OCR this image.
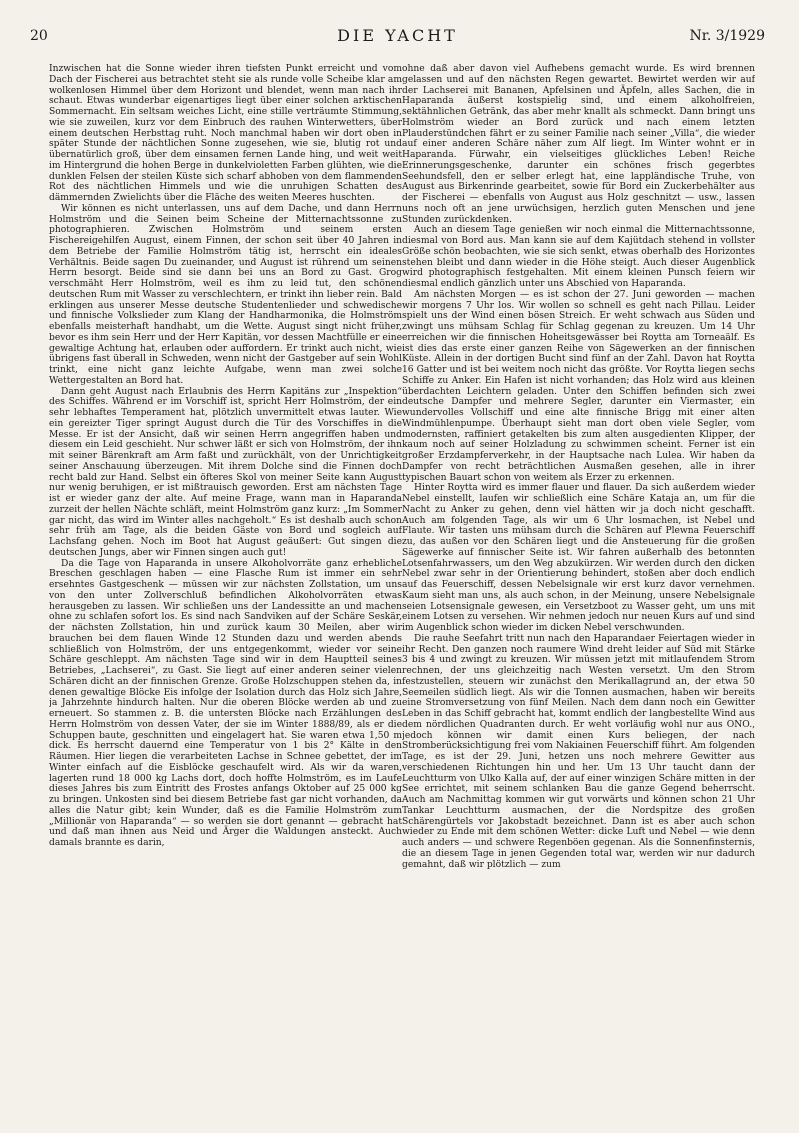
20	DIE YACHT	Nr. 3/1929

Inzwischen hat die Sonne wieder ihren tiefsten Punkt erreicht und vom Dach der Fischerei aus betrachtet steht sie als runde volle Scheibe klar am wolkenlosen Himmel über dem Horizont und blendet, wenn man nach ihr schaut. Etwas wunderbar eigenartiges liegt über einer solchen arktischen Sommernacht. Ein seltsam weiches Licht, eine stille verträumte Stimmung, wie sie zuweilen, kurz vor dem Einbruch des rauhen Winterwetters, über einem deutschen Herbsttag ruht. Noch manchmal haben wir dort oben in später Stunde der nächtlichen Sonne zugesehen, wie sie, blutig rot und übernatürlich groß, über dem einsamen fernen Lande hing, und weit weit im Hintergrund die hohen Berge in dunkelvioletten Farben glühten, wie die dunklen Felsen der steilen Küste sich scharf abhoben von dem flammenden Rot des nächtlichen Himmels und wie die unruhigen Schatten des dämmernden Zwielichts über die Fläche des weiten Meeres huschten.

Wir können es nicht unterlassen, uns auf dem Dache, und dann Herrn Holmström und die Seinen beim Scheine der Mitternachtssonne zu photographieren. Zwischen Holmström und seinem ersten Fischereigehilfen August, einem Finnen, der schon seit über 40 Jahren in dem Betriebe der Familie Holmström tätig ist, herrscht ein ideales Verhältnis. Beide sagen Du zueinander, und August ist rührend um seinen Herrn besorgt. Beide sind sie dann bei uns an Bord zu Gast. Grog verschmäht Herr Holmström, weil es ihm zu leid tut, den schönen deutschen Rum mit Wasser zu verschlechtern, er trinkt ihn lieber rein. Bald erklingen aus unserer Messe deutsche Studentenlieder und schwedische und finnische Volkslieder zum Klang der Handharmonika, die Holmström ebenfalls meisterhaft handhabt, um die Wette. August singt nicht früher, bevor es ihm sein Herr und der Herr Kapitän, vor dessen Machtfülle er eine gewaltige Achtung hat, erlauben oder auffordern. Er trinkt auch nicht, wie übrigens fast überall in Schweden, wenn nicht der Gastgeber auf sein Wohl trinkt, eine nicht ganz leichte Aufgabe, wenn man zwei solche Wettergestalten an Bord hat.

Dann geht August nach Erlaubnis des Herrn Kapitäns zur „Inspektion“ des Schiffes. Während er im Vorschiff ist, spricht Herr Holmström, der ein sehr lebhaftes Temperament hat, plötzlich unvermittelt etwas lauter. Wie ein gereizter Tiger springt August durch die Tür des Vorschiffes in die Messe. Er ist der Ansicht, daß wir seinen Herrn angegriffen haben und diesem ein Leid geschieht. Nur schwer läßt er sich von Holmström, der ihn mit seiner Bärenkraft am Arm faßt und zurückhält, von der Unrichtigkeit seiner Anschauung überzeugen. Mit ihrem Dolche sind die Finnen doch recht bald zur Hand. Selbst ein öfteres Skol von meiner Seite kann August nur wenig beruhigen, er ist mißtrauisch geworden. Erst am nächsten Tage ist er wieder ganz der alte. Auf meine Frage, wann man in Haparanda zurzeit der hellen Nächte schläft, meint Holmström ganz kurz: „Im Sommer gar nicht, das wird im Winter alles nachgeholt.“ Es ist deshalb auch schon sehr früh am Tage, als die beiden Gäste von Bord und sogleich auf Lachsfang gehen. Noch im Boot hat August geäußert: Gut singen die deutschen Jungs, aber wir Finnen singen auch gut!

Da die Tage von Haparanda in unsere Alkoholvorräte ganz erhebliche Breschen geschlagen haben — eine Flasche Rum ist immer ein sehr ersehntes Gastgeschenk — müssen wir zur nächsten Zollstation, um uns von den unter Zollverschluß befindlichen Alkoholvorräten etwas herausgeben zu lassen. Wir schließen uns der Landessitte an und machen ohne zu schlafen sofort los. Es sind nach Sandviken auf der Schäre Seskär, der nächsten Zollstation, hin und zurück kaum 30 Meilen, aber wir brauchen bei dem flauen Winde 12 Stunden dazu und werden abends schließlich von Holmström, der uns entgegenkommt, wieder vor seine Schäre geschleppt. Am nächsten Tage sind wir in dem Hauptteil seines Betriebes, „Lachserei“, zu Gast. Sie liegt auf einer anderen seiner vielen Schären dicht an der finnischen Grenze. Große Holzschuppen stehen da, in denen gewaltige Blöcke Eis infolge der Isolation durch das Holz sich Jahre, ja Jahrzehnte hindurch halten. Nur die oberen Blöcke werden ab und zu erneuert. So stammen z. B. die untersten Blöcke nach Erzählungen des Herrn Holmström von dessen Vater, der sie im Winter 1888/89, als er die Schuppen baute, geschnitten und eingelagert hat. Sie waren etwa 1,50 m dick. Es herrscht dauernd eine Temperatur von 1 bis 2° Kälte in den Räumen. Hier liegen die verarbeiteten Lachse in Schnee gebettet, der im Winter einfach auf die Eisblöcke geschaufelt wird. Als wir da waren, lagerten rund 18 000 kg Lachs dort, doch hoffte Holmström, es im Laufe dieses Jahres bis zum Eintritt des Frostes anfangs Oktober auf 25 000 kg zu bringen. Unkosten sind bei diesem Betriebe fast gar nicht vorhanden, da alles die Natur gibt; kein Wunder, daß es die Familie Holmström zum „Millionär von Haparanda“ — so werden sie dort genannt — gebracht hat und daß man ihnen aus Neid und Ärger die Waldungen ansteckt. Auch damals brannte es darin,

ohne daß aber davon viel Aufhebens gemacht wurde. Es wird brennen gelassen und auf den nächsten Regen gewartet. Bewirtet werden wir auf der Lachserei mit Bananen, Apfelsinen und Äpfeln, alles Sachen, die in Haparanda äußerst kostspielig sind, und einem alkoholfreien, sektähnlichen Getränk, das aber mehr knallt als schmeckt. Dann bringt uns Holmström wieder an Bord zurück und nach einem letzten Plauderstündchen fährt er zu seiner Familie nach seiner „Villa“, die wieder auf einer anderen Schäre näher zum Alf liegt. Im Winter wohnt er in Haparanda. Fürwahr, ein vielseitiges glückliches Leben! Reiche Erinnerungsgeschenke, darunter ein schönes frisch gegerbtes Seehundsfell, den er selber erlegt hat, eine lappländische Truhe, von August aus Birkenrinde gearbeitet, sowie für Bord ein Zuckerbehälter aus der Fischerei — ebenfalls von August aus Holz geschnitzt — usw., lassen uns noch oft an jene urwüchsigen, herzlich guten Menschen und jene Stunden zurückdenken.

Auch an diesem Tage genießen wir noch einmal die Mitternachtssonne, diesmal von Bord aus. Man kann sie auf dem Kajütdach stehend in vollster Größe schön beobachten, wie sie sich senkt, etwas oberhalb des Horizontes stehen bleibt und dann wieder in die Höhe steigt. Auch dieser Augenblick wird photographisch festgehalten. Mit einem kleinen Punsch feiern wir diesmal endlich gänzlich unter uns Abschied von Haparanda.

Am nächsten Morgen — es ist schon der 27. Juni geworden — machen wir morgens 7 Uhr los. Wir wollen so schnell es geht nach Pillau. Leider spielt uns der Wind einen bösen Streich. Er weht schwach aus Süden und zwingt uns mühsam Schlag für Schlag gegenan zu kreuzen. Um 14 Uhr erreichen wir die finnischen Hoheitsgewässer bei Roytta am Torneaälf. Es ist dies das erste einer ganzen Reihe von Sägewerken an der finnischen Küste. Allein in der dortigen Bucht sind fünf an der Zahl. Davon hat Roytta 16 Gatter und ist bei weitem noch nicht das größte. Vor Roytta liegen sechs Schiffe zu Anker. Ein Hafen ist nicht vorhanden; das Holz wird aus kleinen überdachten Leichtern geladen. Unter den Schiffen befinden sich zwei deutsche Dampfer und mehrere Segler, darunter ein Viermaster, ein wundervolles Vollschiff und eine alte finnische Brigg mit einer alten Windmühlenpumpe. Überhaupt sieht man dort oben viele Segler, vom modernsten, raffiniert getakelten bis zum alten ausgedienten Klipper, der kaum noch auf seiner Holzladung zu schwimmen scheint. Ferner ist ein großer Erzdampferverkehr, in der Hauptsache nach Lulea. Wir haben da Dampfer von recht beträchtlichen Ausmaßen gesehen, alle in ihrer typischen Bauart schon von weitem als Erzer zu erkennen.

Hinter Roytta wird es immer flauer und flauer. Da sich außerdem wieder Nebel einstellt, laufen wir schließlich eine Schäre Kataja an, um für die Nacht zu Anker zu gehen, denn viel hätten wir ja doch nicht geschafft. Auch am folgenden Tage, als wir um 6 Uhr losmachen, ist Nebel und Flaute. Wir tasten uns mühsam durch die Schären auf Plewna Feuerschiff zu, das außen vor den Schären liegt und die Ansteuerung für die großen Sägewerke auf finnischer Seite ist. Wir fahren außerhalb des betonnten Lotsenfahrwassers, um den Weg abzukürzen. Wir werden durch den dicken Nebel zwar sehr in der Orientierung behindert, stoßen aber doch endlich auf das Feuerschiff, dessen Nebelsignale wir erst kurz davor vernehmen. Kaum sieht man uns, als auch schon, in der Meinung, unsere Nebelsignale seien Lotsensignale gewesen, ein Versetzboot zu Wasser geht, um uns mit einem Lotsen zu versehen. Wir nehmen jedoch nur neuen Kurs auf und sind im Augenblick schon wieder im dicken Nebel verschwunden.

Die rauhe Seefahrt tritt nun nach den Haparandaer Feiertagen wieder in ihr Recht. Den ganzen noch raumere Wind dreht leider auf Süd mit Stärke 3 bis 4 und zwingt zu kreuzen. Wir müssen jetzt mit mitlaufendem Strom rechnen, der uns gleichzeitig nach Westen versetzt. Um den Strom festzustellen, steuern wir zunächst den Merikallagrund an, der etwa 50 Seemeilen südlich liegt. Als wir die Tonnen ausmachen, haben wir bereits eine Stromversetzung von fünf Meilen. Nach dem dann noch ein Gewitter Leben in das Schiff gebracht hat, kommt endlich der langbestellte Wind aus dem nördlichen Quadranten durch. Er weht vorläufig wohl nur aus ONO., jedoch können wir damit einen Kurs beliegen, der nach Stromberücksichtigung frei vom Nakiainen Feuerschiff führt. Am folgenden Tage, es ist der 29. Juni, hetzen uns noch mehrere Gewitter aus verschiedenen Richtungen hin und her. Um 13 Uhr taucht dann der Leuchtturm von Ulko Kalla auf, der auf einer winzigen Schäre mitten in der See errichtet, mit seinem schlanken Bau die ganze Gegend beherrscht. Auch am Nachmittag kommen wir gut vorwärts und können schon 21 Uhr Tankar Leuchtturm ausmachen, der die Nordspitze des großen Schärengürtels vor Jakobstadt bezeichnet. Dann ist es aber auch schon wieder zu Ende mit dem schönen Wetter: dicke Luft und Nebel — wie denn auch anders — und schwere Regenböen gegenan. Als die Sonnenfinsternis, die an diesem Tage in jenen Gegenden total war, werden wir nur dadurch gemahnt, daß wir plötzlich — zum
